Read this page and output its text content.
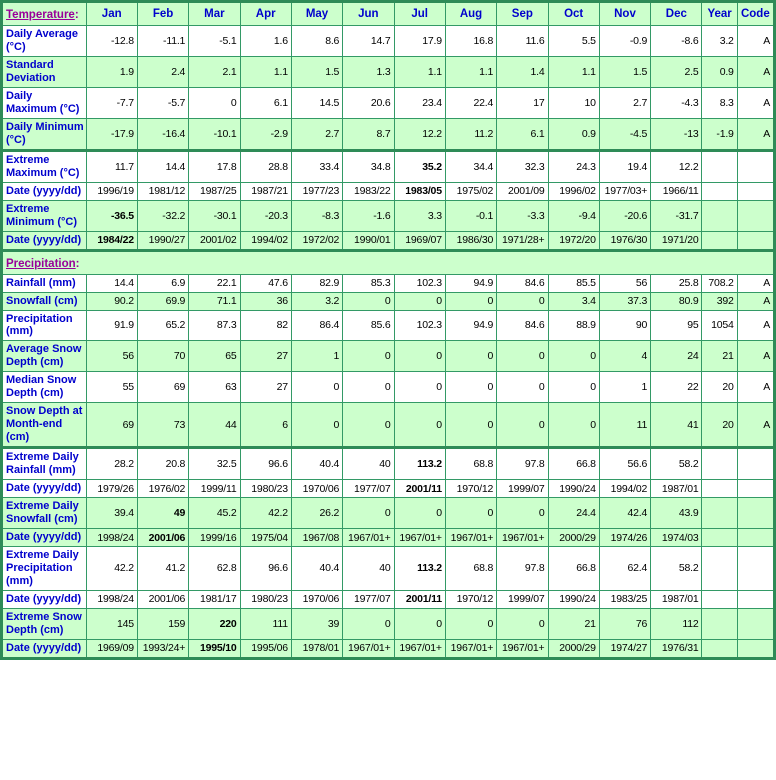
Temperature:	Jan	Feb	Mar	Apr	May	Jun	Jul	Aug	Sep	Oct	Nov	Dec	Year	Code
Daily Average (°C)	-12.8	-11.1	-5.1	1.6	8.6	14.7	17.9	16.8	11.6	5.5	-0.9	-8.6	3.2	A
Standard Deviation	1.9	2.4	2.1	1.1	1.5	1.3	1.1	1.1	1.4	1.1	1.5	2.5	0.9	A
Daily Maximum (°C)	-7.7	-5.7	0	6.1	14.5	20.6	23.4	22.4	17	10	2.7	-4.3	8.3	A
Daily Minimum (°C)	-17.9	-16.4	-10.1	-2.9	2.7	8.7	12.2	11.2	6.1	0.9	-4.5	-13	-1.9	A
Extreme Maximum (°C)	11.7	14.4	17.8	28.8	33.4	34.8	35.2	34.4	32.3	24.3	19.4	12.2		
Date (yyyy/dd)	1996/19	1981/12	1987/25	1987/21	1977/23	1983/22	1983/05	1975/02	2001/09	1996/02	1977/03+	1966/11		
Extreme Minimum (°C)	-36.5	-32.2	-30.1	-20.3	-8.3	-1.6	3.3	-0.1	-3.3	-9.4	-20.6	-31.7		
Date (yyyy/dd)	1984/22	1990/27	2001/02	1994/02	1972/02	1990/01	1969/07	1986/30	1971/28+	1972/20	1976/30	1971/20		
Precipitation:														
Rainfall (mm)	14.4	6.9	22.1	47.6	82.9	85.3	102.3	94.9	84.6	85.5	56	25.8	708.2	A
Snowfall (cm)	90.2	69.9	71.1	36	3.2	0	0	0	0	3.4	37.3	80.9	392	A
Precipitation (mm)	91.9	65.2	87.3	82	86.4	85.6	102.3	94.9	84.6	88.9	90	95	1054	A
Average Snow Depth (cm)	56	70	65	27	1	0	0	0	0	0	4	24	21	A
Median Snow Depth (cm)	55	69	63	27	0	0	0	0	0	0	1	22	20	A
Snow Depth at Month-end (cm)	69	73	44	6	0	0	0	0	0	0	11	41	20	A
Extreme Daily Rainfall (mm)	28.2	20.8	32.5	96.6	40.4	40	113.2	68.8	97.8	66.8	56.6	58.2		
Date (yyyy/dd)	1979/26	1976/02	1999/11	1980/23	1970/06	1977/07	2001/11	1970/12	1999/07	1990/24	1994/02	1987/01		
Extreme Daily Snowfall (cm)	39.4	49	45.2	42.2	26.2	0	0	0	0	24.4	42.4	43.9		
Date (yyyy/dd)	1998/24	2001/06	1999/16	1975/04	1967/08	1967/01+	1967/01+	1967/01+	1967/01+	2000/29	1974/26	1974/03		
Extreme Daily Precipitation (mm)	42.2	41.2	62.8	96.6	40.4	40	113.2	68.8	97.8	66.8	62.4	58.2		
Date (yyyy/dd)	1998/24	2001/06	1981/17	1980/23	1970/06	1977/07	2001/11	1970/12	1999/07	1990/24	1983/25	1987/01		
Extreme Snow Depth (cm)	145	159	220	111	39	0	0	0	0	21	76	112		
Date (yyyy/dd)	1969/09	1993/24+	1995/10	1995/06	1978/01	1967/01+	1967/01+	1967/01+	1967/01+	2000/29	1974/27	1976/31		
